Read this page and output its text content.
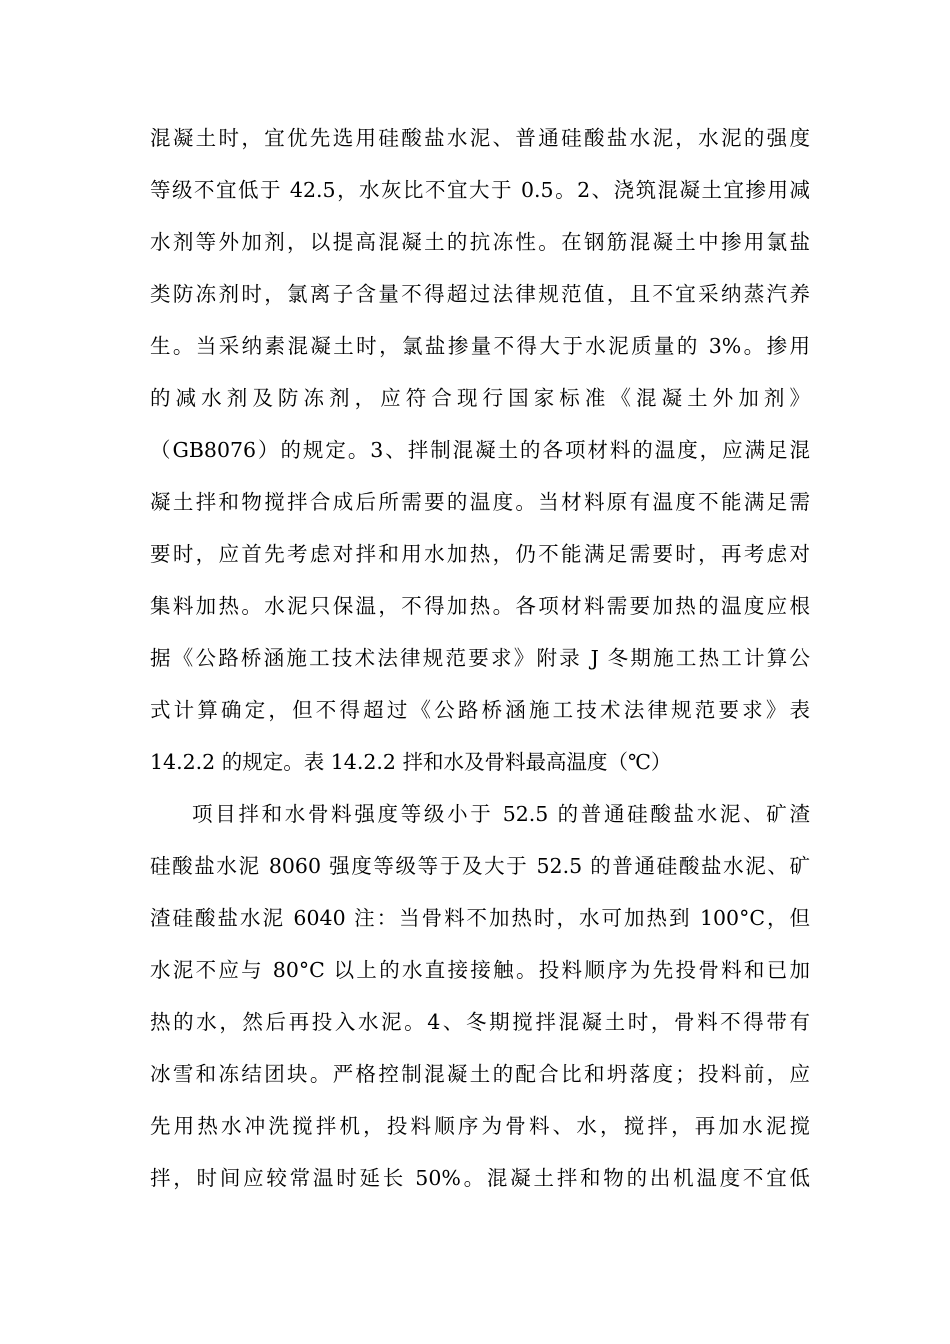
混凝土时，宜优先选用硅酸盐水泥、普通硅酸盐水泥，水泥的强度
等级不宜低于 42.5，水灰比不宜大于 0.5。2、浇筑混凝土宜掺用减
水剂等外加剂，以提高混凝土的抗冻性。在钢筋混凝土中掺用氯盐
类防冻剂时，氯离子含量不得超过法律规范值，且不宜采纳蒸汽养
生。当采纳素混凝土时，氯盐掺量不得大于水泥质量的 3%。掺用
的减水剂及防冻剂，应符合现行国家标准《混凝土外加剂》
（GB8076）的规定。3、拌制混凝土的各项材料的温度，应满足混
凝土拌和物搅拌合成后所需要的温度。当材料原有温度不能满足需
要时，应首先考虑对拌和用水加热，仍不能满足需要时，再考虑对
集料加热。水泥只保温，不得加热。各项材料需要加热的温度应根
据《公路桥涵施工技术法律规范要求》附录 J 冬期施工热工计算公
式计算确定，但不得超过《公路桥涵施工技术法律规范要求》表
14.2.2 的规定。表 14.2.2 拌和水及骨料最高温度（℃）
项目拌和水骨料强度等级小于 52.5 的普通硅酸盐水泥、矿渣
硅酸盐水泥 8060 强度等级等于及大于 52.5 的普通硅酸盐水泥、矿
渣硅酸盐水泥 6040 注：当骨料不加热时，水可加热到 100°C，但
水泥不应与 80°C 以上的水直接接触。投料顺序为先投骨料和已加
热的水，然后再投入水泥。4、冬期搅拌混凝土时，骨料不得带有
冰雪和冻结团块。严格控制混凝土的配合比和坍落度；投料前，应
先用热水冲洗搅拌机，投料顺序为骨料、水，搅拌，再加水泥搅
拌，时间应较常温时延长 50%。混凝土拌和物的出机温度不宜低
